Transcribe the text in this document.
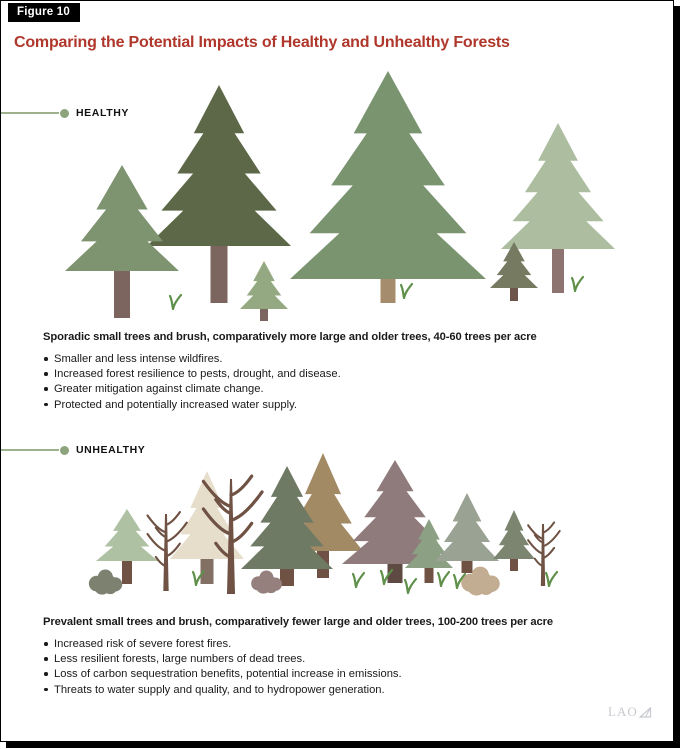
Figure 10
Comparing the Potential Impacts of Healthy and Unhealthy Forests
HEALTHY

Sporadic small trees and brush, comparatively more large and older trees, 40-60 trees per acre

Smaller and less intense wildfires.
Increased forest resilience to pests, drought, and disease.
Greater mitigation against climate change.
Protected and potentially increased water supply.
UNHEALTHY

Prevalent small trees and brush, comparatively fewer large and older trees, 100-200 trees per acre

Increased risk of severe forest fires.
Less resilient forests, large numbers of dead trees.
Loss of carbon sequestration benefits, potential increase in emissions.
Threats to water supply and quality, and to hydropower generation.
LAO
